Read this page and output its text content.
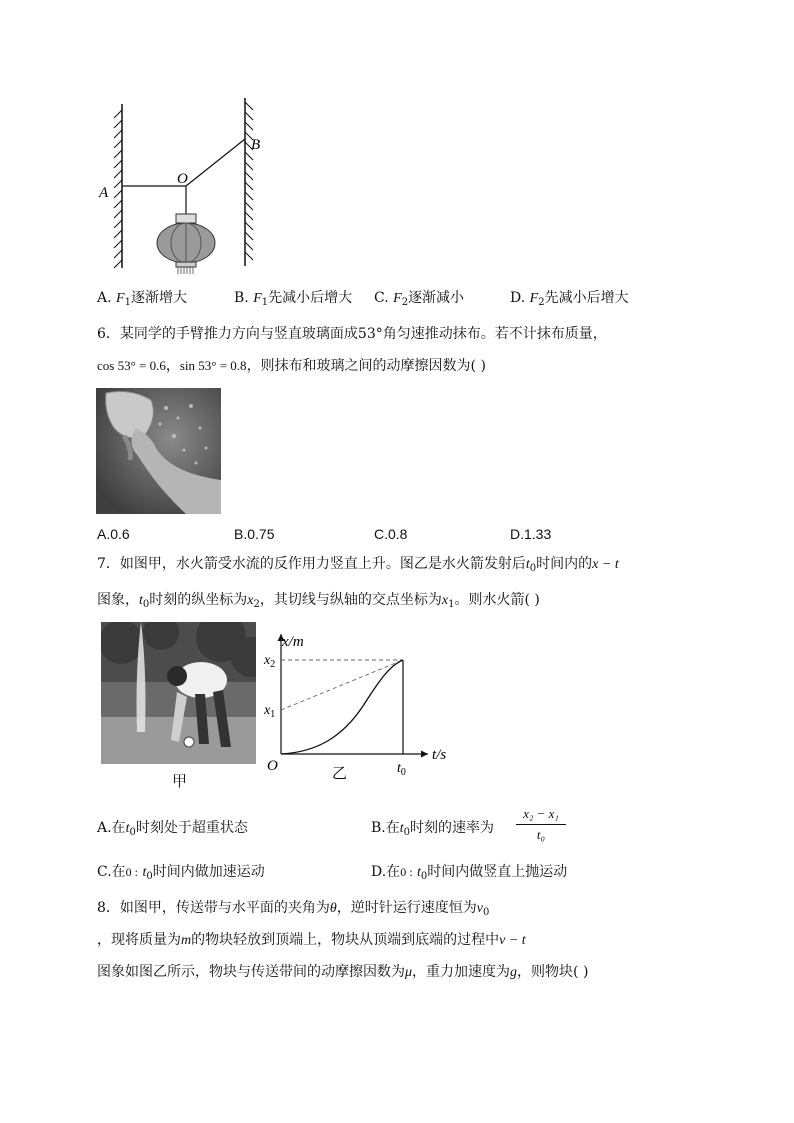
A
O
B
A. $F_1$逐渐增大	B. $F_1$先减小后增大 C. $F_2$逐渐减小	D. $F_2$先减小后增大
6．某同学的手臂推力方向与竖直玻璃面成53°角匀速推动抹布。若不计抹布质量，
cos 53° = 0.6，sin 53° = 0.8，则抹布和玻璃之间的动摩擦因数为( )
A.0.6	B.0.75	C.0.8	D.1.33
7．如图甲，水火箭受水流的反作用力竖直上升。图乙是水火箭发射后$t_0$时间内的x − t
图象，$t_0$时刻的纵坐标为$x_2$，其切线与纵轴的交点坐标为$x_1$。则水火箭( )
甲
x/m
t/s
O
$x_2$
$x_1$
$t_0$
乙
A.在$t_0$时刻处于超重状态	B.在$t_0$时刻的速率为
x₂ − x₁
t₀
C.在0 : $t_0$时间内做加速运动	D.在0 : $t_0$时间内做竖直上抛运动
8．如图甲，传送带与水平面的夹角为θ，逆时针运行速度恒为$v_0$
，现将质量为m的物块轻放到顶端上，物块从顶端到底端的过程中v − t
图象如图乙所示，物块与传送带间的动摩擦因数为μ，重力加速度为g，则物块( )
